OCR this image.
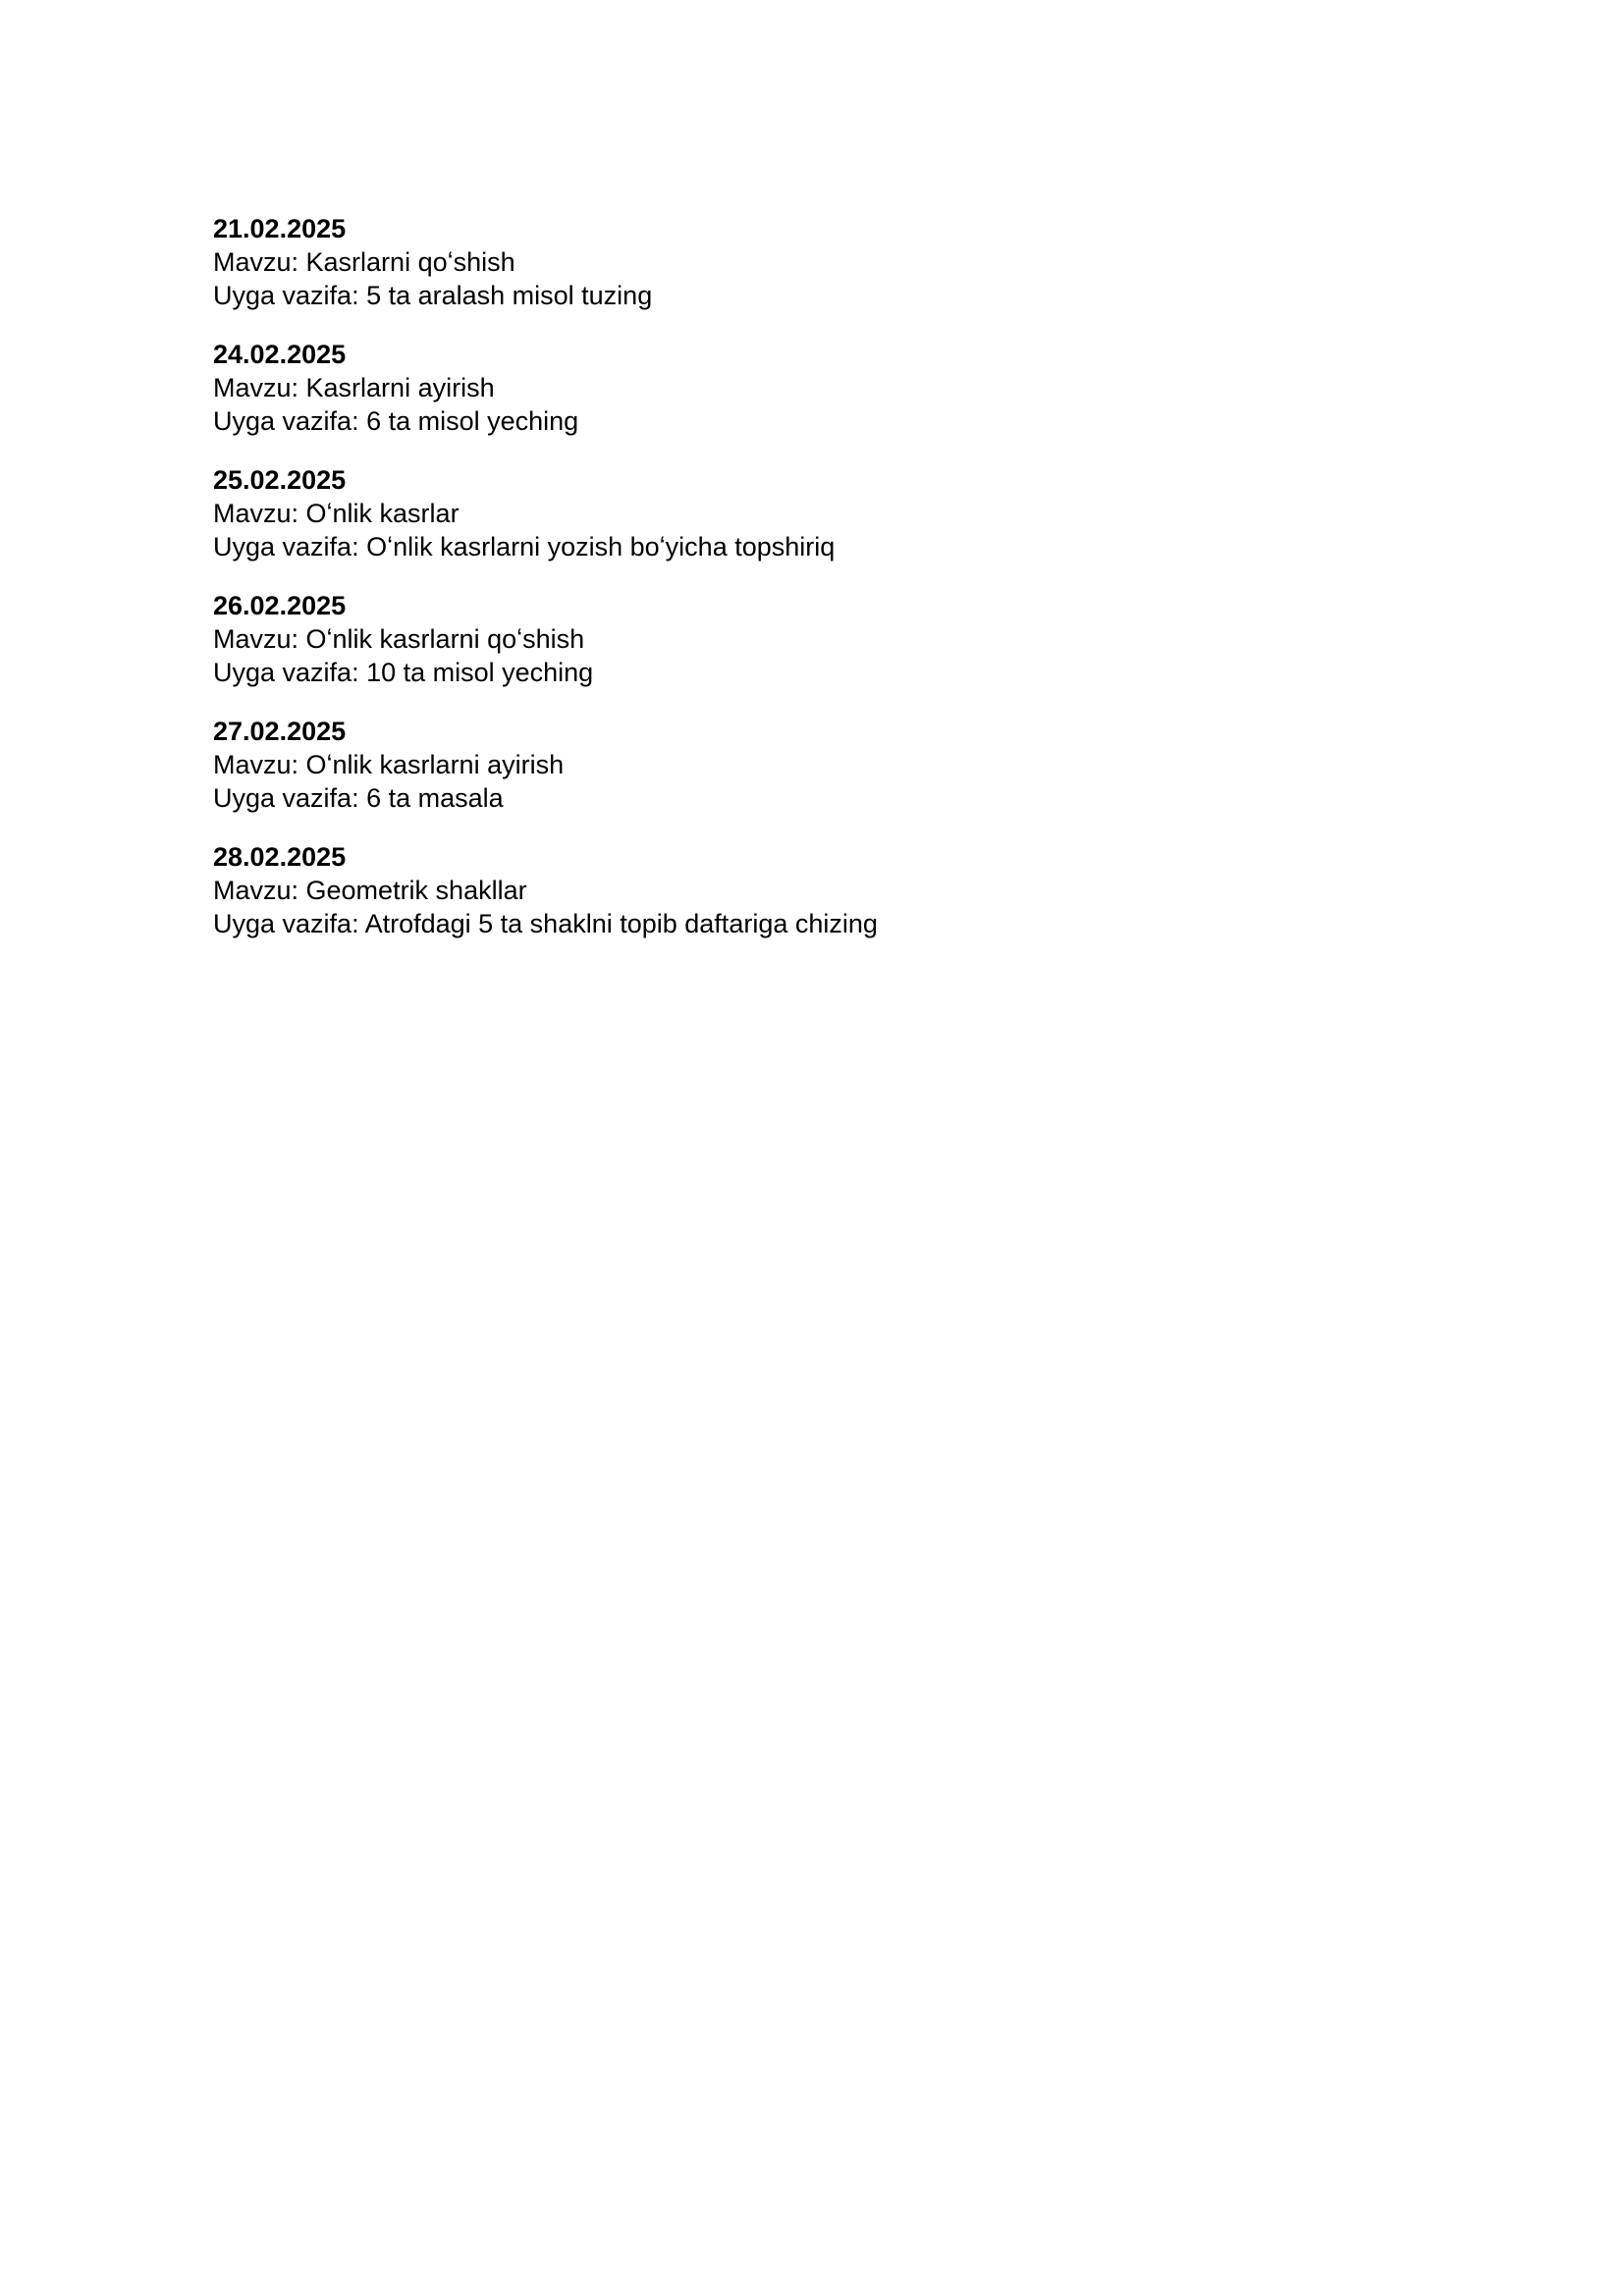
21.02.2025
Mavzu: Kasrlarni qoʻshish
Uyga vazifa: 5 ta aralash misol tuzing
24.02.2025
Mavzu: Kasrlarni ayirish
Uyga vazifa: 6 ta misol yeching
25.02.2025
Mavzu: Oʻnlik kasrlar
Uyga vazifa: Oʻnlik kasrlarni yozish boʻyicha topshiriq
26.02.2025
Mavzu: Oʻnlik kasrlarni qoʻshish
Uyga vazifa: 10 ta misol yeching
27.02.2025
Mavzu: Oʻnlik kasrlarni ayirish
Uyga vazifa: 6 ta masala
28.02.2025
Mavzu: Geometrik shakllar
Uyga vazifa: Atrofdagi 5 ta shaklni topib daftariga chizing
